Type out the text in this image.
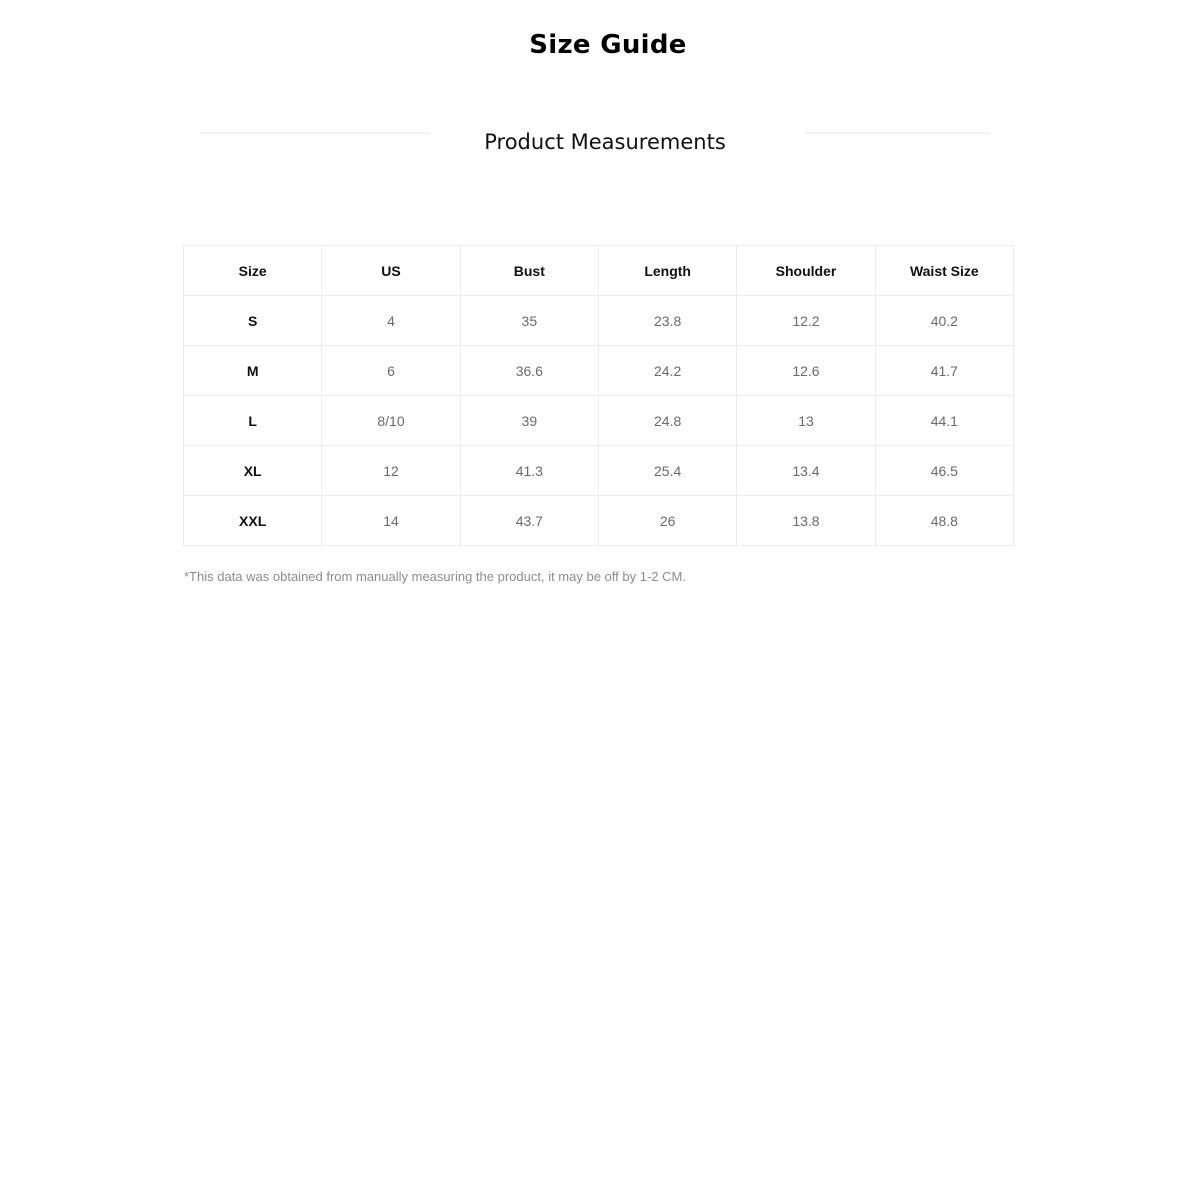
Size Guide
Product Measurements
Size	US	Bust	Length	Shoulder	Waist Size
S	4	35	23.8	12.2	40.2
M	6	36.6	24.2	12.6	41.7
L	8/10	39	24.8	13	44.1
XL	12	41.3	25.4	13.4	46.5
XXL	14	43.7	26	13.8	48.8
*This data was obtained from manually measuring the product, it may be off by 1-2 CM.
